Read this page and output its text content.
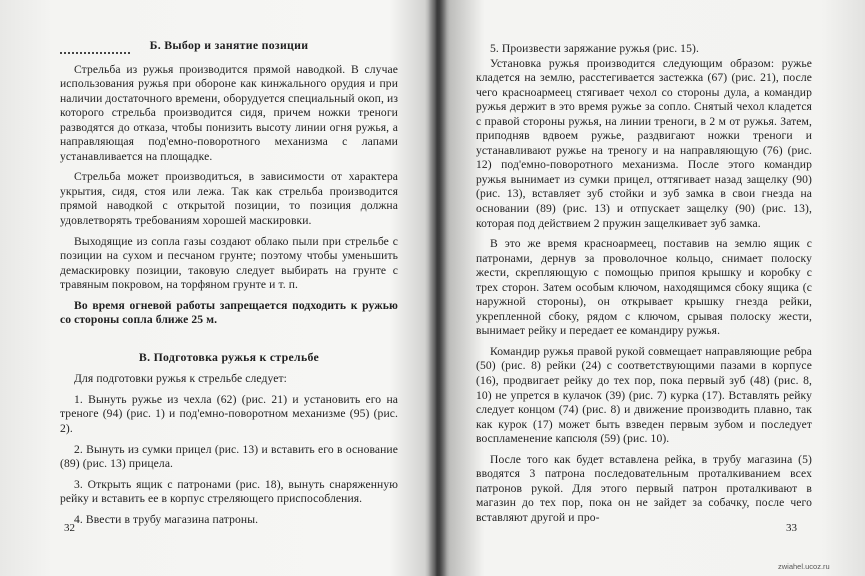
Б. Выбор и занятие позиции

Стрельба из ружья производится прямой наводкой. В случае использования ружья при обороне как кинжального орудия и при наличии достаточного времени, оборудуется специальный окоп, из которого стрельба производится сидя, причем ножки треноги разводятся до отказа, чтобы понизить высоту линии огня ружья, а направляющая под'емно-поворотного механизма с лапами устанавливается на площадке.

Стрельба может производиться, в зависимости от характера укрытия, сидя, стоя или лежа. Так как стрельба производится прямой наводкой с открытой позиции, то позиция должна удовлетворять требованиям хорошей маскировки.

Выходящие из сопла газы создают облако пыли при стрельбе с позиции на сухом и песчаном грунте; поэтому чтобы уменьшить демаскировку позиции, таковую следует выбирать на грунте с травяным покровом, на торфяном грунте и т. п.

Во время огневой работы запрещается подходить к ружью со стороны сопла ближе 25 м.

В. Подготовка ружья к стрельбе

Для подготовки ружья к стрельбе следует:

1. Вынуть ружье из чехла (62) (рис. 21) и установить его на треноге (94) (рис. 1) и под'емно-поворотном механизме (95) (рис. 2).

2. Вынуть из сумки прицел (рис. 13) и вставить его в основание (89) (рис. 13) прицела.

3. Открыть ящик с патронами (рис. 18), вынуть снаряженную рейку и вставить ее в корпус стреляющего приспособления.

4. Ввести в трубу магазина патроны.

32

5. Произвести заряжание ружья (рис. 15).

Установка ружья производится следующим образом: ружье кладется на землю, расстегивается застежка (67) (рис. 21), после чего красноармеец стягивает чехол со стороны дула, а командир ружья держит в это время ружье за сопло. Снятый чехол кладется с правой стороны ружья, на линии треноги, в 2 м от ружья. Затем, приподняв вдвоем ружье, раздвигают ножки треноги и устанавливают ружье на треногу и на направляющую (76) (рис. 12) под'емно-поворотного механизма. После этого командир ружья вынимает из сумки прицел, оттягивает назад защелку (90) (рис. 13), вставляет зуб стойки и зуб замка в свои гнезда на основании (89) (рис. 13) и отпускает защелку (90) (рис. 13), которая под действием 2 пружин защелкивает зуб замка.

В это же время красноармеец, поставив на землю ящик с патронами, дернув за проволочное кольцо, снимает полоску жести, скрепляющую с помощью припоя крышку и коробку с трех сторон. Затем особым ключом, находящимся сбоку ящика (с наружной стороны), он открывает крышку гнезда рейки, укрепленной сбоку, рядом с ключом, срывая полоску жести, вынимает рейку и передает ее командиру ружья.

Командир ружья правой рукой совмещает направляющие ребра (50) (рис. 8) рейки (24) с соответствующими пазами в корпусе (16), продвигает рейку до тех пор, пока первый зуб (48) (рис. 8, 10) не упрется в кулачок (39) (рис. 7) курка (17). Вставлять рейку следует концом (74) (рис. 8) и движение производить плавно, так как курок (17) может быть взведен первым зубом и последует воспламенение капсюля (59) (рис. 10).

После того как будет вставлена рейка, в трубу магазина (5) вводятся 3 патрона последовательным проталкиванием всех патронов рукой. Для этого первый патрон проталкивают в магазин до тех пор, пока он не зайдет за собачку, после чего вставляют другой и про-

33
zwiahel.ucoz.ru
